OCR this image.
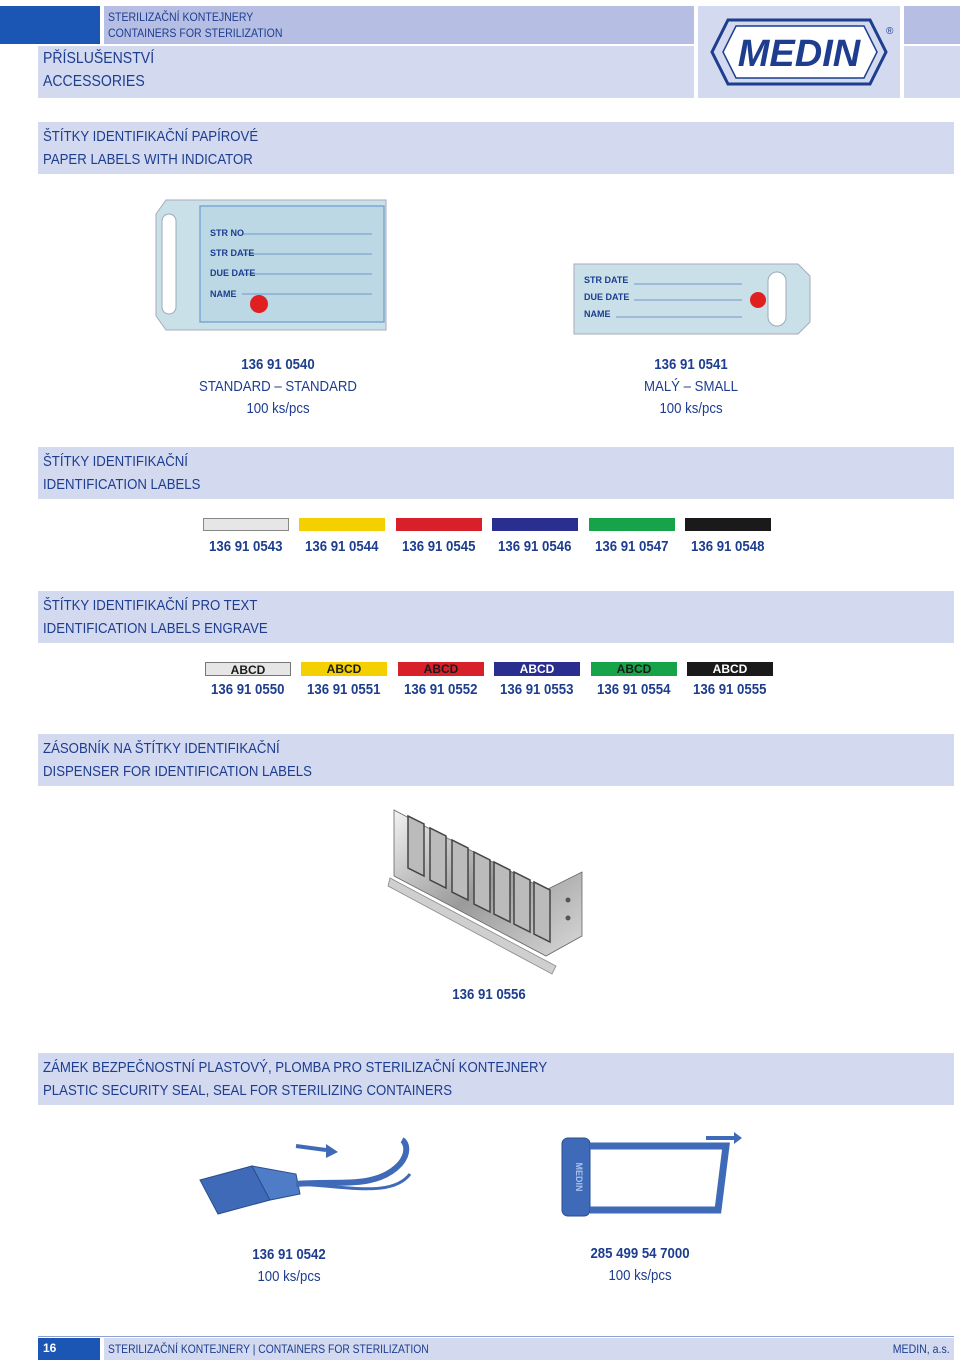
STERILIZAČNÍ KONTEJNERY
CONTAINERS FOR STERILIZATION
PŘÍSLUŠENSTVÍ
ACCESSORIES
MEDIN
®
ŠTÍTKY IDENTIFIKAČNÍ PAPÍROVÉ
PAPER LABELS WITH INDICATOR
STR NO
STR DATE
DUE DATE
NAME
STR DATE
DUE DATE
NAME
136 91 0540
STANDARD – STANDARD
100 ks/pcs
136 91 0541
MALÝ – SMALL
100 ks/pcs
ŠTÍTKY IDENTIFIKAČNÍ
IDENTIFICATION LABELS
136 91 0543	136 91 0544	136 91 0545	136 91 0546	136 91 0547	136 91 0548
ŠTÍTKY IDENTIFIKAČNÍ PRO TEXT
IDENTIFICATION LABELS ENGRAVE
ABCD	ABCD	ABCD	ABCD	ABCD	ABCD
136 91 0550	136 91 0551	136 91 0552	136 91 0553	136 91 0554	136 91 0555
ZÁSOBNÍK NA ŠTÍTKY IDENTIFIKAČNÍ
DISPENSER FOR IDENTIFICATION LABELS
136 91 0556
ZÁMEK BEZPEČNOSTNÍ PLASTOVÝ, PLOMBA PRO STERILIZAČNÍ KONTEJNERY
PLASTIC SECURITY SEAL, SEAL FOR STERILIZING CONTAINERS
MEDIN
136 91 0542
100 ks/pcs
285 499 54 7000
100 ks/pcs
16	STERILIZAČNÍ KONTEJNERY | CONTAINERS FOR STERILIZATION	MEDIN, a.s.
